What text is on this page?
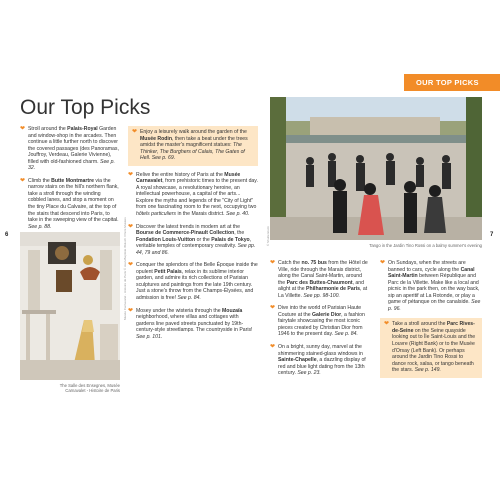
OUR TOP PICKS
Our Top Picks
6	7

❤ Stroll around the Palais-Royal Garden and window-shop in the arcades. Then continue a little further north to discover the covered passages (des Panoramas, Jouffroy, Verdeau, Galerie Vivienne), filled with old-fashioned charm. See p. 32.

❤ Climb the Butte Montmartre via the narrow stairs on the hill's northern flank, take a stroll through the winding cobbled lanes, and stop a moment on the tiny Place du Calvaire, at the top of the stairs that descend into Paris, to take in the sweeping view of the capital. See p. 88.

❤ Enjoy a leisurely walk around the garden of the Musée Rodin, then take a beat under the trees amidst the master's magnificent statues: The Thinker, The Burghers of Calais, The Gates of Hell. See p. 69.

❤ Relive the entire history of Paris at the Musée Carnavalet, from prehistoric times to the present day. A royal showcase, a revolutionary heroine, an intellectual powerhouse, a capital of the arts... Explore the myths and legends of the "City of Light" from one fascinating room to the next, occupying two hôtels particuliers in the Marais district. See p. 40.

❤ Discover the latest trends in modern art at the Bourse de Commerce-Pinault Collection, the Fondation Louis-Vuitton or the Palais de Tokyo, veritable temples of contemporary creativity. See pp. 44, 79 and 86.

❤ Conquer the splendors of the Belle Époque inside the opulent Petit Palais, relax in its sublime interior garden, and admire its rich collections of Parisian sculptures and paintings from the late 19th century. Just a stone's throw from the Champs-Élysées, and admission is free! See p. 84.

❤ Mosey under the wisteria through the Mouzaïa neighborhood, where villas and cottages with gardens line paved streets punctuated by 19th-century-style streetlamps. The countryside in Paris! See p. 101.

❤ Catch the no. 75 bus from the Hôtel de Ville, ride through the Marais district, along the Canal Saint-Martin, around the Parc des Buttes-Chaumont, and alight at the Philharmonie de Paris, at La Villette. See pp. 98-100.

❤ Dive into the world of Parisian Haute Couture at the Galerie Dior, a fashion fairytale showcasing the most iconic pieces created by Christian Dior from 1946 to the present day. See p. 84.

❤ On a bright, sunny day, marvel at the shimmering stained-glass windows in Sainte-Chapelle, a dazzling display of red and blue light dating from the 13th century. See p. 23.

❤ On Sundays, when the streets are banned to cars, cycle along the Canal Saint-Martin between République and Parc de la Villette. Make like a local and picnic in the park then, on the way back, sip an aperitif at La Rotonde, or play a game of pétanque on the canalside. See p. 96.

❤ Take a stroll around the Parc Rives-de-Seine on the Seine quayside looking out to Île Saint-Louis and the Louvre (Right Bank) or to the Musée d'Orsay (Left Bank). Or perhaps around the Jardin Tino Rossi to dance rock, salsa, or tango beneath the stars. See p. 149.

Musée Carnavalet - Histoire de Paris © Jean-Baptiste Woloch / Paris Musées
The Salle des Ensegnes, Musée Carnavalet - Histoire de Paris
© Shutterstock	Tango in the Jardin Tino Rossi on a balmy summer's evening
